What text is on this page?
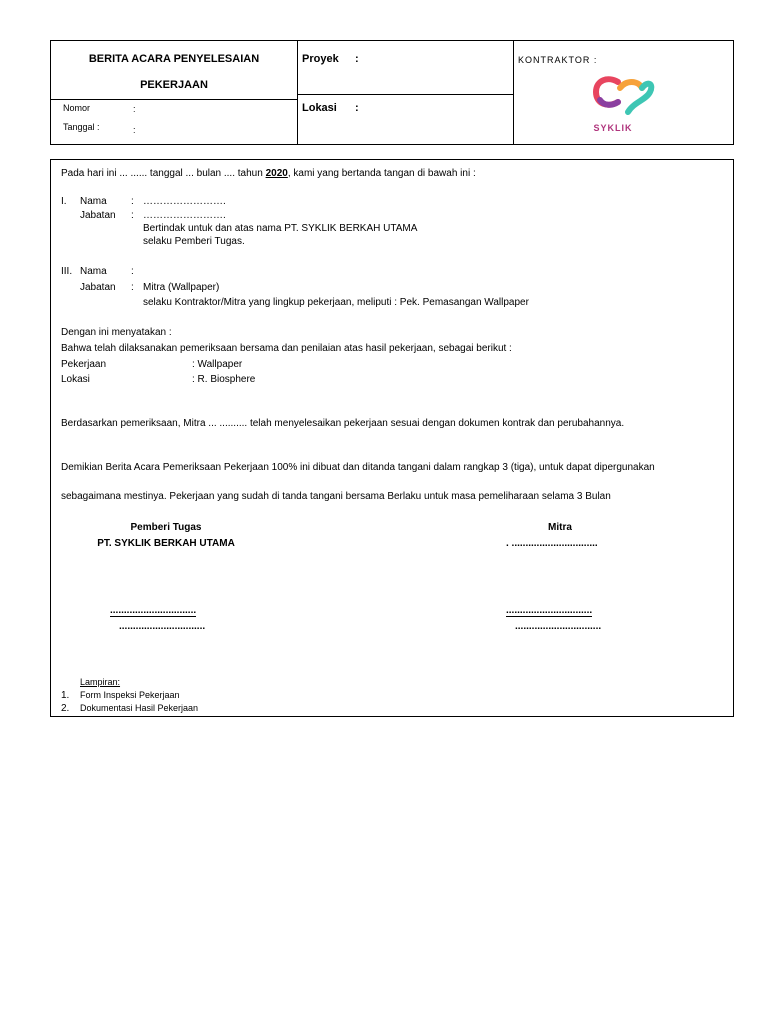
BERITA ACARA PENYELESAIAN
PEKERJAAN
Nomor	:
Tanggal :	:
Proyek :
Lokasi :
KONTRAKTOR :
SYKLIK
Pada hari ini ... ...... tanggal ... bulan .... tahun 2020, kami yang bertanda tangan di bawah ini :
I. Nama : …………………….
Jabatan : …………………….
Bertindak untuk dan atas nama PT. SYKLIK BERKAH UTAMA
selaku Pemberi Tugas.
III. Nama :
Jabatan : Mitra (Wallpaper)
selaku Kontraktor/Mitra yang lingkup pekerjaan, meliputi : Pek. Pemasangan Wallpaper
Dengan ini menyatakan :
Bahwa telah dilaksanakan pemeriksaan bersama dan penilaian atas hasil pekerjaan, sebagai berikut :
Pekerjaan	: Wallpaper
Lokasi	: R. Biosphere
Berdasarkan pemeriksaan, Mitra ... .......... telah menyelesaikan pekerjaan sesuai dengan dokumen kontrak dan perubahannya.
Demikian Berita Acara Pemeriksaan Pekerjaan 100% ini dibuat dan ditanda tangani dalam rangkap 3 (tiga), untuk dapat dipergunakan
sebagaimana mestinya. Pekerjaan yang sudah di tanda tangani bersama Berlaku untuk masa pemeliharaan selama 3 Bulan
Pemberi Tugas
PT. SYKLIK BERKAH UTAMA
Mitra
. ...............................
...............................
...............................
...............................
...............................
Lampiran:
1. Form Inspeksi Pekerjaan
2. Dokumentasi Hasil Pekerjaan
